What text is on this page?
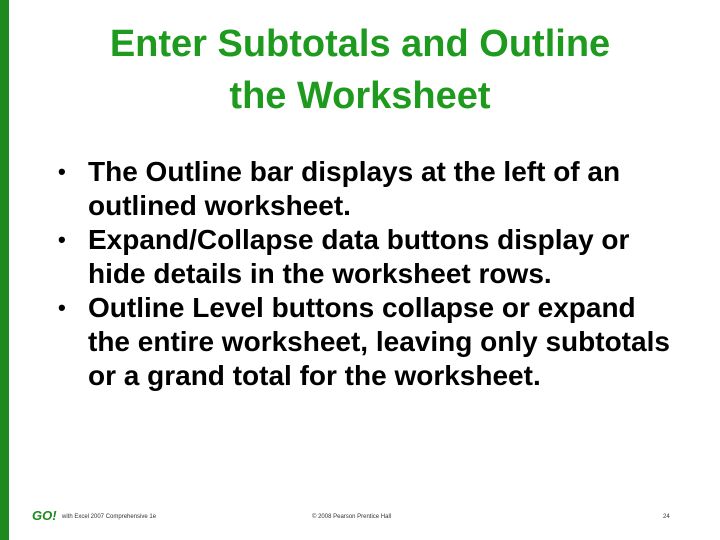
Enter Subtotals and Outline
the Worksheet
• The Outline bar displays at the left of an outlined worksheet.
• Expand/Collapse data buttons display or hide details in the worksheet rows.
• Outline Level buttons collapse or expand the entire worksheet, leaving only subtotals or a grand total for the worksheet.
GO! with Excel 2007 Comprehensive 1e	© 2008 Pearson Prentice Hall	24
